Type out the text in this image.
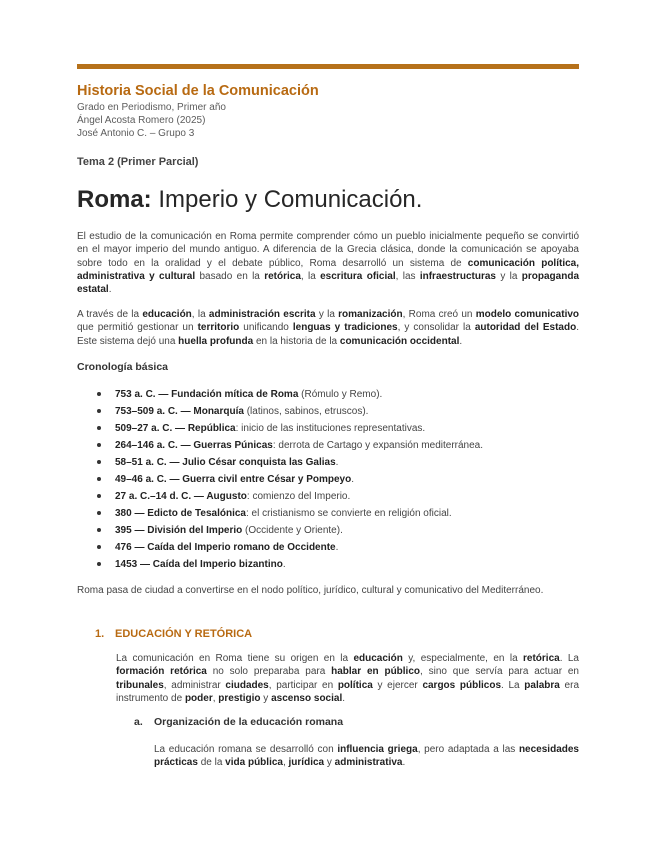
Historia Social de la Comunicación
Grado en Periodismo, Primer año
Ángel Acosta Romero (2025)
José Antonio C. – Grupo 3
Tema 2 (Primer Parcial)
Roma: Imperio y Comunicación.

El estudio de la comunicación en Roma permite comprender cómo un pueblo inicialmente pequeño se convirtió en el mayor imperio del mundo antiguo. A diferencia de la Grecia clásica, donde la comunicación se apoyaba sobre todo en la oralidad y el debate público, Roma desarrolló un sistema de comunicación política, administrativa y cultural basado en la retórica, la escritura oficial, las infraestructuras y la propaganda estatal.

A través de la educación, la administración escrita y la romanización, Roma creó un modelo comunicativo que permitió gestionar un territorio unificando lenguas y tradiciones, y consolidar la autoridad del Estado. Este sistema dejó una huella profunda en la historia de la comunicación occidental.

Cronología básica
753 a. C. — Fundación mítica de Roma (Rómulo y Remo).
753–509 a. C. — Monarquía (latinos, sabinos, etruscos).
509–27 a. C. — República: inicio de las instituciones representativas.
264–146 a. C. — Guerras Púnicas: derrota de Cartago y expansión mediterránea.
58–51 a. C. — Julio César conquista las Galias.
49–46 a. C. — Guerra civil entre César y Pompeyo.
27 a. C.–14 d. C. — Augusto: comienzo del Imperio.
380 — Edicto de Tesalónica: el cristianismo se convierte en religión oficial.
395 — División del Imperio (Occidente y Oriente).
476 — Caída del Imperio romano de Occidente.
1453 — Caída del Imperio bizantino.

Roma pasa de ciudad a convertirse en el nodo político, jurídico, cultural y comunicativo del Mediterráneo.

1. EDUCACIÓN Y RETÓRICA

La comunicación en Roma tiene su origen en la educación y, especialmente, en la retórica. La formación retórica no solo preparaba para hablar en público, sino que servía para actuar en tribunales, administrar ciudades, participar en política y ejercer cargos públicos. La palabra era instrumento de poder, prestigio y ascenso social.

a. Organización de la educación romana

La educación romana se desarrolló con influencia griega, pero adaptada a las necesidades prácticas de la vida pública, jurídica y administrativa.
